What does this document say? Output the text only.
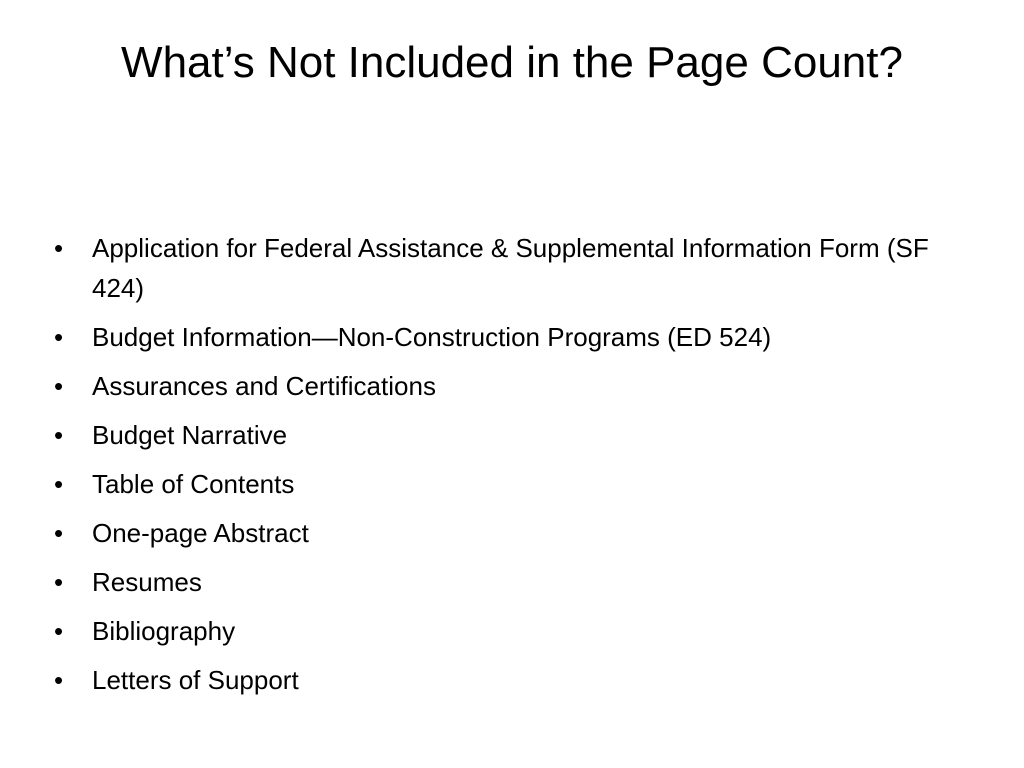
What’s Not Included in the Page Count?
• Application for Federal Assistance & Supplemental Information Form (SF 424)
• Budget Information—Non-Construction Programs (ED 524)
• Assurances and Certifications
• Budget Narrative
• Table of Contents
• One-page Abstract
• Resumes
• Bibliography
• Letters of Support
